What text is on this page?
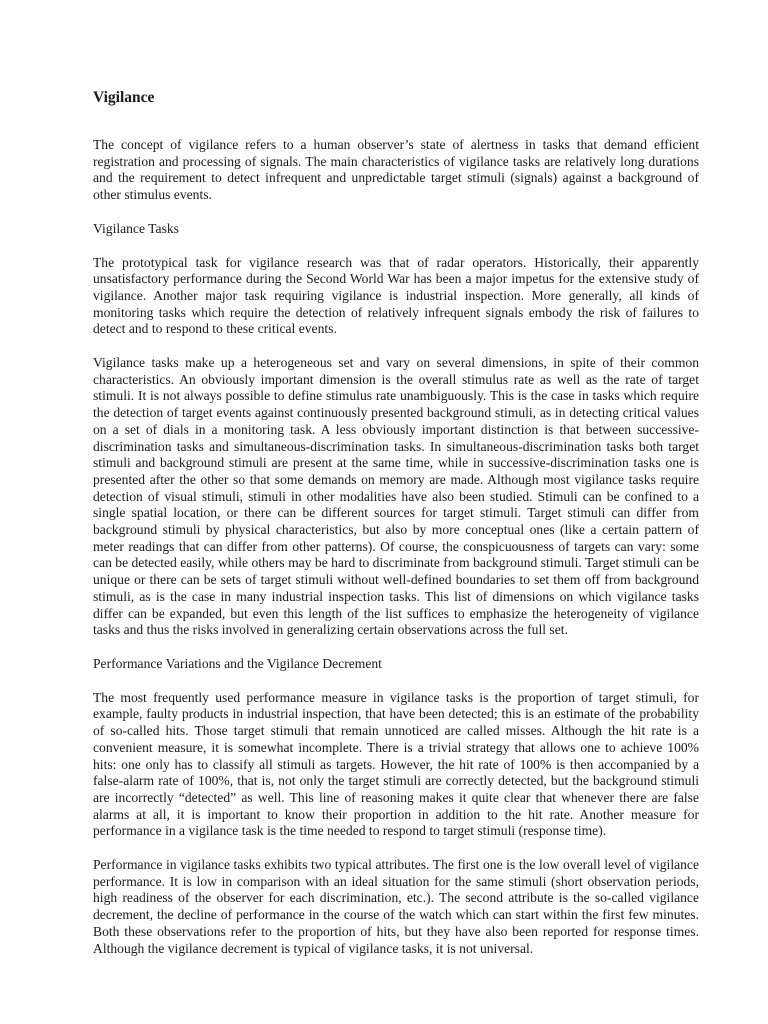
Vigilance

The concept of vigilance refers to a human observer’s state of alertness in tasks that demand efficient registration and processing of signals. The main characteristics of vigilance tasks are relatively long durations and the requirement to detect infrequent and unpredictable target stimuli (signals) against a background of other stimulus events.

Vigilance Tasks

The prototypical task for vigilance research was that of radar operators. Historically, their apparently unsatisfactory performance during the Second World War has been a major impetus for the extensive study of vigilance. Another major task requiring vigilance is industrial inspection. More generally, all kinds of monitoring tasks which require the detection of relatively infrequent signals embody the risk of failures to detect and to respond to these critical events.

Vigilance tasks make up a heterogeneous set and vary on several dimensions, in spite of their common characteristics. An obviously important dimension is the overall stimulus rate as well as the rate of target stimuli. It is not always possible to define stimulus rate unambiguously. This is the case in tasks which require the detection of target events against continuously presented background stimuli, as in detecting critical values on a set of dials in a monitoring task. A less obviously important distinction is that between successive-discrimination tasks and simultaneous-discrimination tasks. In simultaneous-discrimination tasks both target stimuli and background stimuli are present at the same time, while in successive-discrimination tasks one is presented after the other so that some demands on memory are made. Although most vigilance tasks require detection of visual stimuli, stimuli in other modalities have also been studied. Stimuli can be confined to a single spatial location, or there can be different sources for target stimuli. Target stimuli can differ from background stimuli by physical characteristics, but also by more conceptual ones (like a certain pattern of meter readings that can differ from other patterns). Of course, the conspicuousness of targets can vary: some can be detected easily, while others may be hard to discriminate from background stimuli. Target stimuli can be unique or there can be sets of target stimuli without well-defined boundaries to set them off from background stimuli, as is the case in many industrial inspection tasks. This list of dimensions on which vigilance tasks differ can be expanded, but even this length of the list suffices to emphasize the heterogeneity of vigilance tasks and thus the risks involved in generalizing certain observations across the full set.

Performance Variations and the Vigilance Decrement

The most frequently used performance measure in vigilance tasks is the proportion of target stimuli, for example, faulty products in industrial inspection, that have been detected; this is an estimate of the probability of so-called hits. Those target stimuli that remain unnoticed are called misses. Although the hit rate is a convenient measure, it is somewhat incomplete. There is a trivial strategy that allows one to achieve 100% hits: one only has to classify all stimuli as targets. However, the hit rate of 100% is then accompanied by a false-alarm rate of 100%, that is, not only the target stimuli are correctly detected, but the background stimuli are incorrectly “detected” as well. This line of reasoning makes it quite clear that whenever there are false alarms at all, it is important to know their proportion in addition to the hit rate. Another measure for performance in a vigilance task is the time needed to respond to target stimuli (response time).

Performance in vigilance tasks exhibits two typical attributes. The first one is the low overall level of vigilance performance. It is low in comparison with an ideal situation for the same stimuli (short observation periods, high readiness of the observer for each discrimination, etc.). The second attribute is the so-called vigilance decrement, the decline of performance in the course of the watch which can start within the first few minutes. Both these observations refer to the proportion of hits, but they have also been reported for response times. Although the vigilance decrement is typical of vigilance tasks, it is not universal.
